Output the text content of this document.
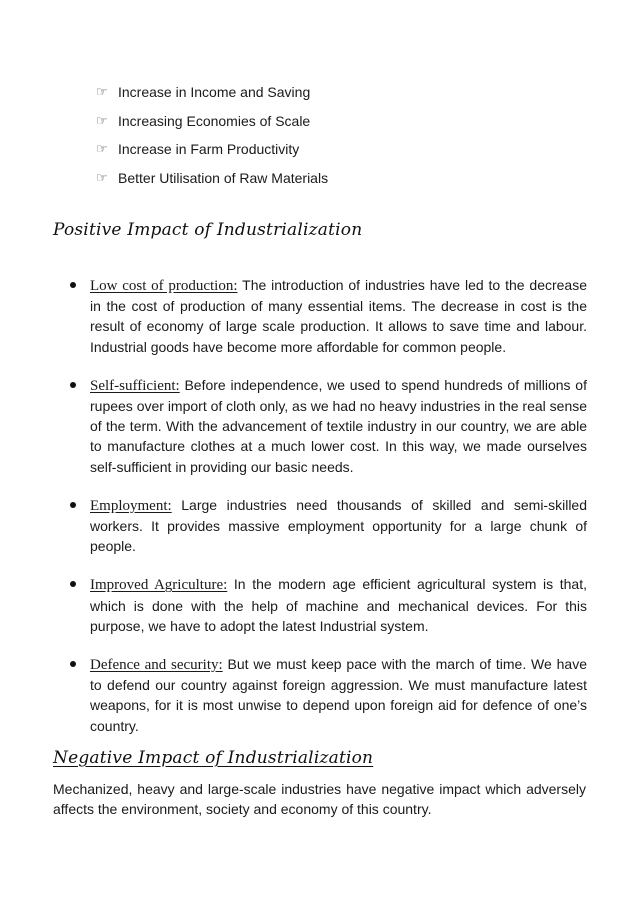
☞ Increase in Income and Saving
☞ Increasing Economies of Scale
☞ Increase in Farm Productivity
☞ Better Utilisation of Raw Materials
Positive Impact of Industrialization
Low cost of production: The introduction of industries have led to the decrease in the cost of production of many essential items. The decrease in cost is the result of economy of large scale production. It allows to save time and labour. Industrial goods have become more affordable for common people.
Self-sufficient: Before independence, we used to spend hundreds of millions of rupees over import of cloth only, as we had no heavy industries in the real sense of the term. With the advancement of textile industry in our country, we are able to manufacture clothes at a much lower cost. In this way, we made ourselves self-sufficient in providing our basic needs.
Employment: Large industries need thousands of skilled and semi-skilled workers. It provides massive employment opportunity for a large chunk of people.
Improved Agriculture: In the modern age efficient agricultural system is that, which is done with the help of machine and mechanical devices. For this purpose, we have to adopt the latest Industrial system.
Defence and security: But we must keep pace with the march of time. We have to defend our country against foreign aggression. We must manufacture latest weapons, for it is most unwise to depend upon foreign aid for defence of one’s country.
Negative Impact of Industrialization

Mechanized, heavy and large-scale industries have negative impact which adversely affects the environment, society and economy of this country.
